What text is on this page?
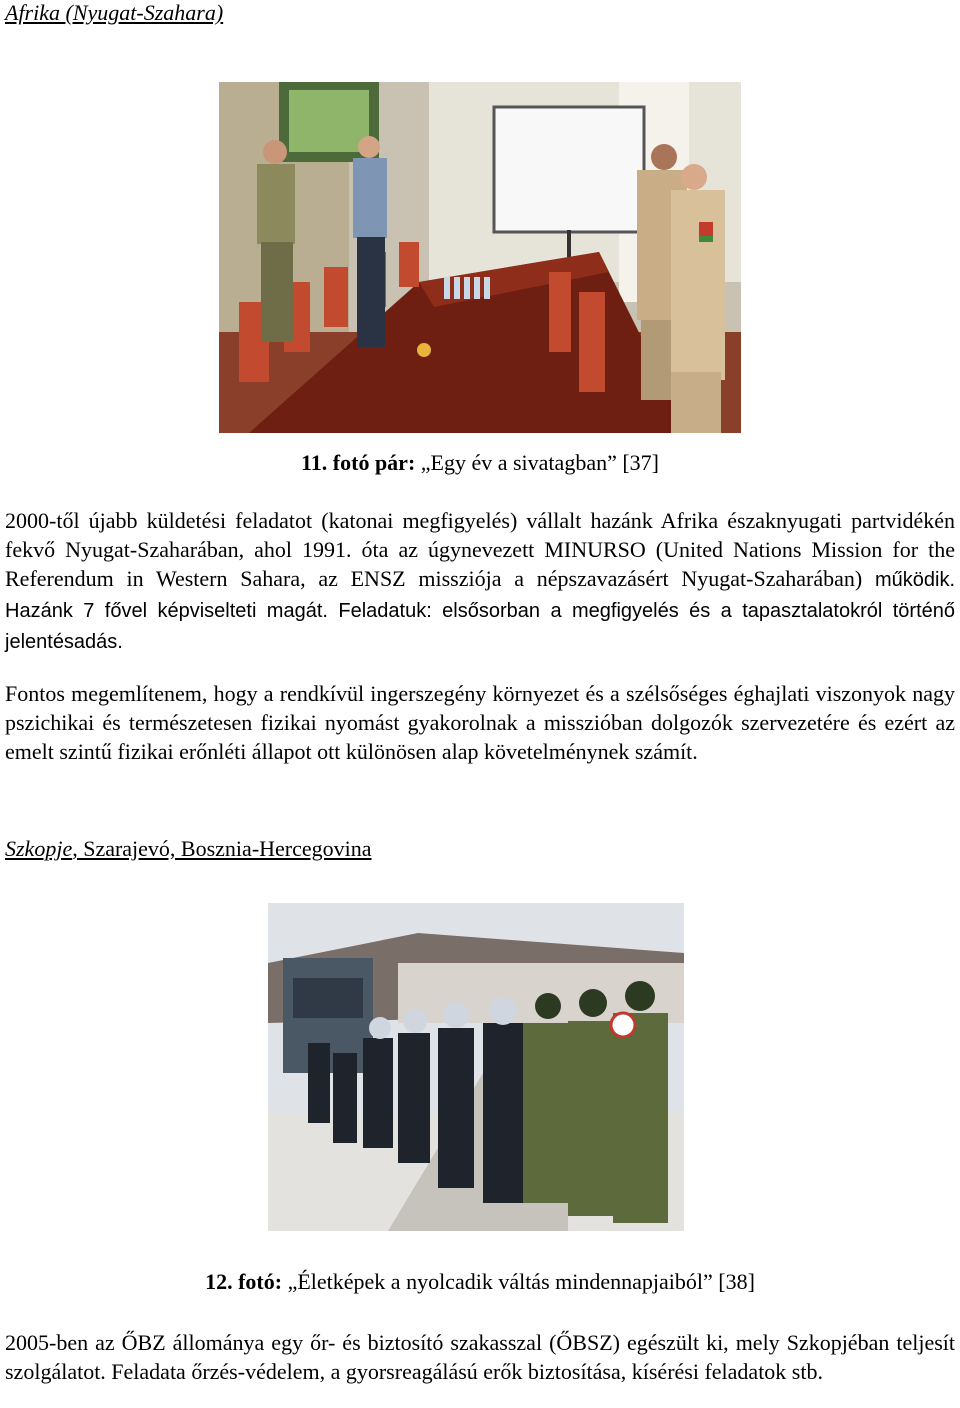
Afrika (Nyugat-Szahara)
11. fotó pár: „Egy év a sivatagban” [37]
2000-től újabb küldetési feladatot (katonai megfigyelés) vállalt hazánk Afrika északnyugati partvidékén fekvő Nyugat-Szaharában, ahol 1991. óta az úgynevezett MINURSO (United Nations Mission for the Referendum in Western Sahara, az ENSZ missziója a népszavazásért Nyugat-Szaharában) működik. Hazánk 7 fővel képviselteti magát. Feladatuk: elsősorban a megfigyelés és a tapasztalatokról történő jelentésadás.
Fontos megemlítenem, hogy a rendkívül ingerszegény környezet és a szélsőséges éghajlati viszonyok nagy pszichikai és természetesen fizikai nyomást gyakorolnak a misszióban dolgozók szervezetére és ezért az emelt szintű fizikai erőnléti állapot ott különösen alap követelménynek számít.
Szkopje, Szarajevó, Bosznia-Hercegovina
12. fotó: „Életképek a nyolcadik váltás mindennapjaiból” [38]
2005-ben az ŐBZ állománya egy őr- és biztosító szakasszal (ŐBSZ) egészült ki, mely Szkopjéban teljesít szolgálatot. Feladata őrzés-védelem, a gyorsreagálású erők biztosítása, kísérési feladatok stb.
